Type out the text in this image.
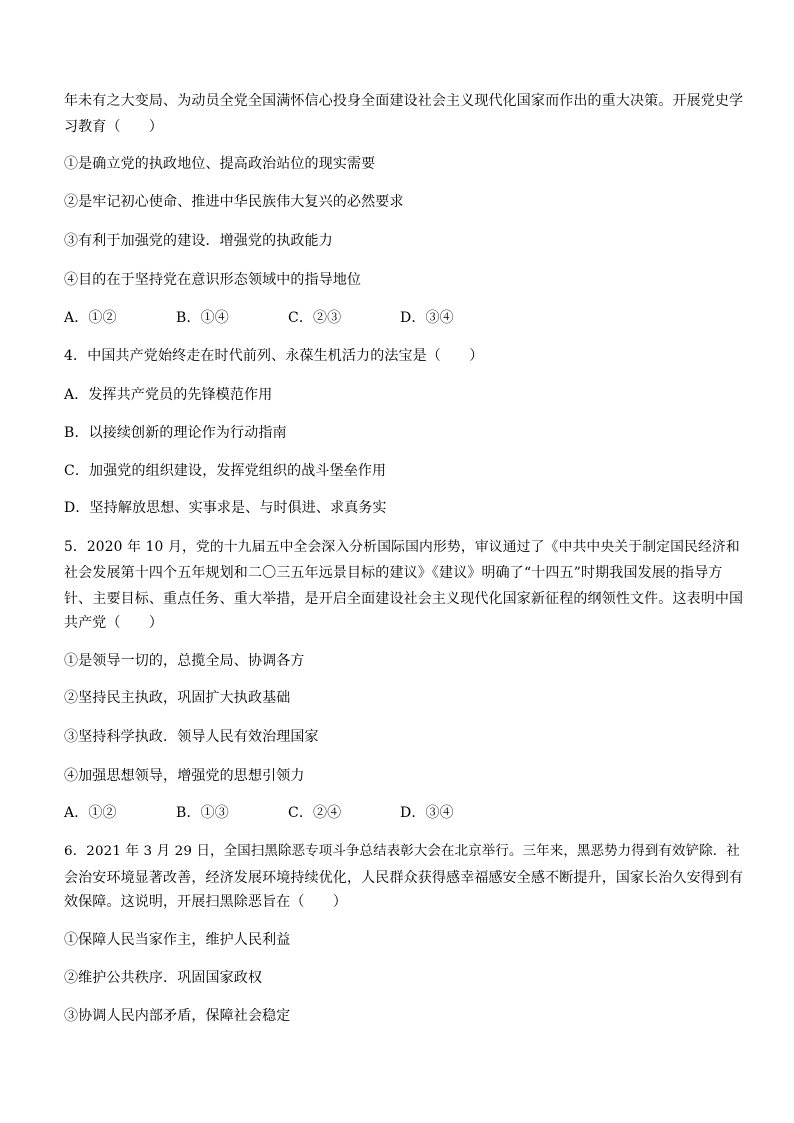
年未有之大变局、为动员全党全国满怀信心投身全面建设社会主义现代化国家而作出的重大决策。开展党史学
习教育（　　）
①是确立党的执政地位、提高政治站位的现实需要
②是牢记初心使命、推进中华民族伟大复兴的必然要求
③有利于加强党的建设．增强党的执政能力
④目的在于坚持党在意识形态领域中的指导地位
A．①②	B．①④	C．②③	D．③④
4．中国共产党始终走在时代前列、永葆生机活力的法宝是（　　）
A．发挥共产党员的先锋模范作用
B．以接续创新的理论作为行动指南
C．加强党的组织建设，发挥党组织的战斗堡垒作用
D．坚持解放思想、实事求是、与时俱进、求真务实
5．2020 年 10 月，党的十九届五中全会深入分析国际国内形势，审议通过了《中共中央关于制定国民经济和
社会发展第十四个五年规划和二〇三五年远景目标的建议》《建议》明确了“十四五”时期我国发展的指导方
针、主要目标、重点任务、重大举措，是开启全面建设社会主义现代化国家新征程的纲领性文件。这表明中国
共产党（　　）
①是领导一切的，总揽全局、协调各方
②坚持民主执政，巩固扩大执政基础
③坚持科学执政．领导人民有效治理国家
④加强思想领导，增强党的思想引领力
A．①②	B．①③	C．②④	D．③④
6．2021 年 3 月 29 日，全国扫黑除恶专项斗争总结表彰大会在北京举行。三年来，黑恶势力得到有效铲除．社
会治安环境显著改善，经济发展环境持续优化，人民群众获得感幸福感安全感不断提升，国家长治久安得到有
效保障。这说明，开展扫黑除恶旨在（　　）
①保障人民当家作主，维护人民利益
②维护公共秩序．巩固国家政权
③协调人民内部矛盾，保障社会稳定
